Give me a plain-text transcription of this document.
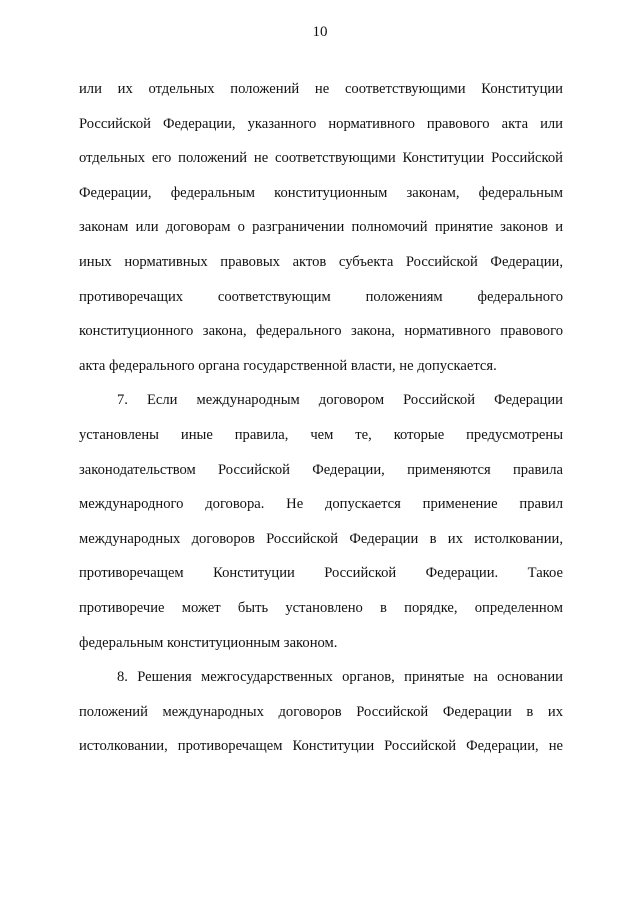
10
или их отдельных положений не соответствующими Конституции
Российской Федерации, указанного нормативного правового акта или
отдельных его положений не соответствующими Конституции Российской
Федерации, федеральным конституционным законам, федеральным
законам или договорам о разграничении полномочий принятие законов и
иных нормативных правовых актов субъекта Российской Федерации,
противоречащих соответствующим положениям федерального
конституционного закона, федерального закона, нормативного правового
акта федерального органа государственной власти, не допускается.
7. Если международным договором Российской Федерации
установлены иные правила, чем те, которые предусмотрены
законодательством Российской Федерации, применяются правила
международного договора. Не допускается применение правил
международных договоров Российской Федерации в их истолковании,
противоречащем Конституции Российской Федерации. Такое
противоречие может быть установлено в порядке, определенном
федеральным конституционным законом.
8. Решения межгосударственных органов, принятые на основании
положений международных договоров Российской Федерации в их
истолковании, противоречащем Конституции Российской Федерации, не
